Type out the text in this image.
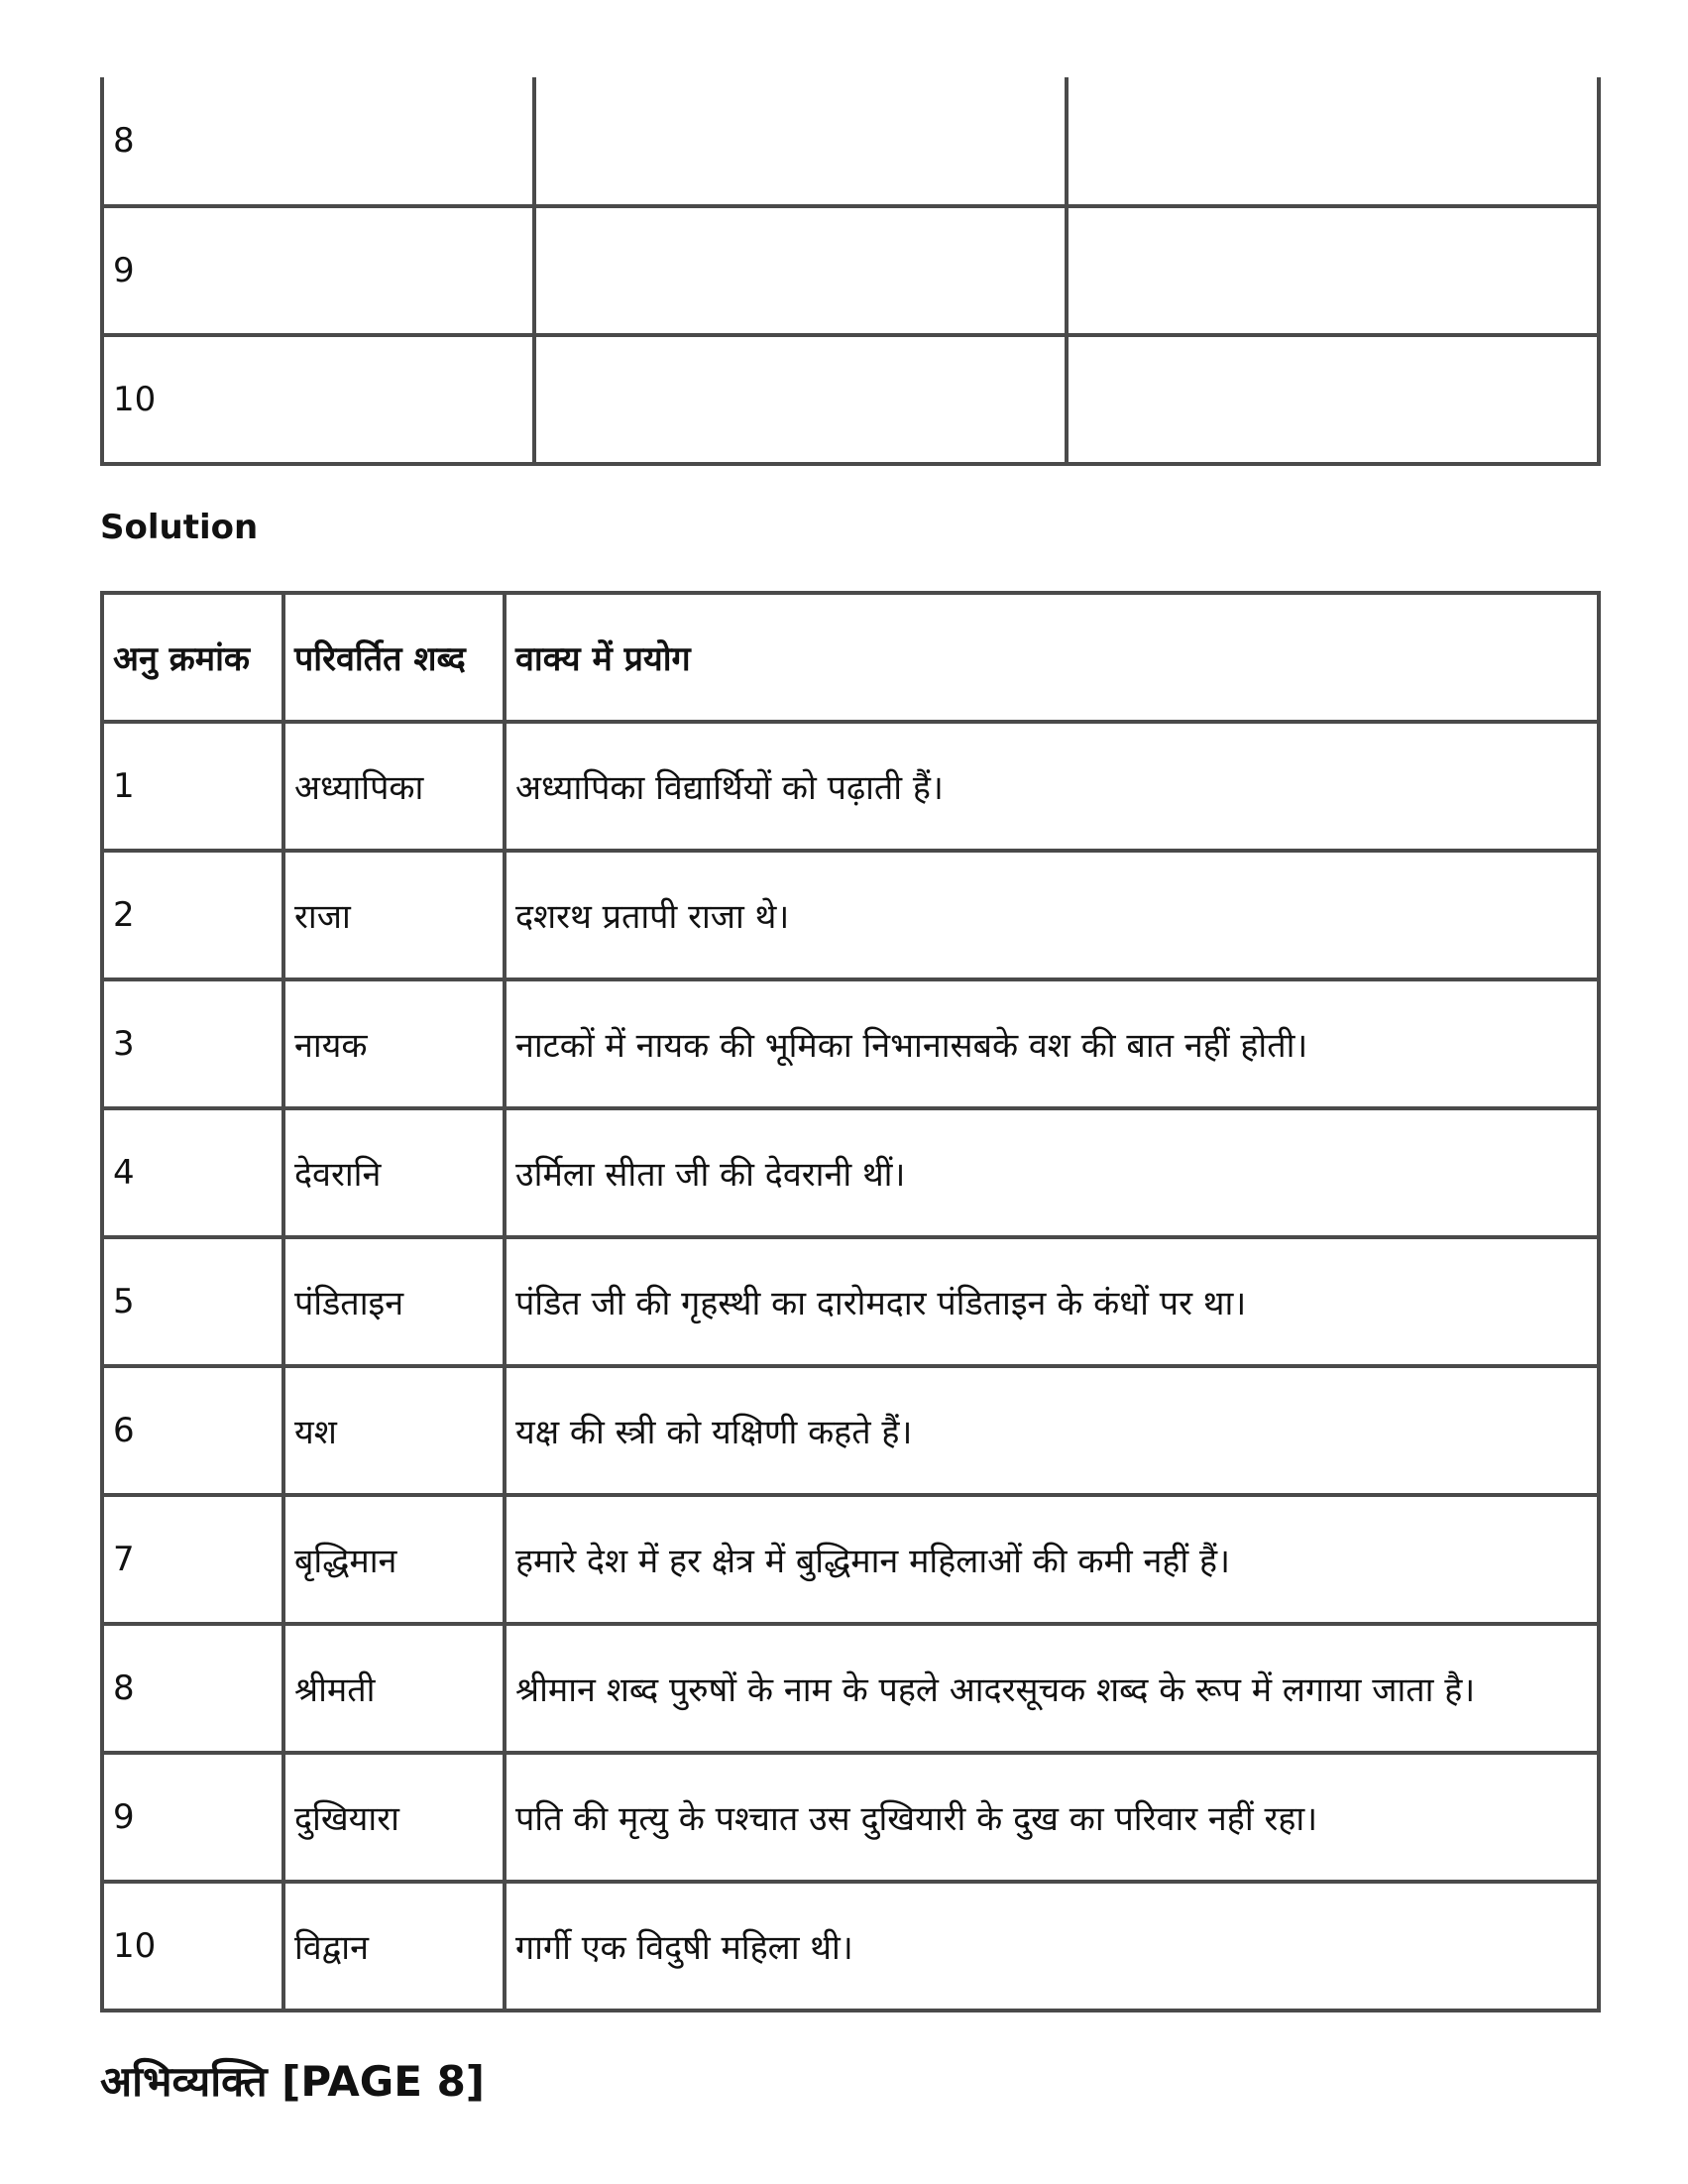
8		
9		
10		
Solution
अनु क्रमांक	परिवर्तित शब्द	वाक्य में प्रयोग
1	अध्यापिका	अध्यापिका विद्यार्थियों को पढ़ाती हैं।
2	राजा	दशरथ प्रतापी राजा थे।
3	नायक	नाटकों में नायक की भूमिका निभानासबके वश की बात नहीं होती।
4	देवरानि	उर्मिला सीता जी की देवरानी थीं।
5	पंडिताइन	पंडित जी की गृहस्थी का दारोमदार पंडिताइन के कंधों पर था।
6	यश	यक्ष की स्त्री को यक्षिणी कहते हैं।
7	बृद्धिमान	हमारे देश में हर क्षेत्र में बुद्धिमान महिलाओं की कमी नहीं हैं।
8	श्रीमती	श्रीमान शब्द पुरुषों के नाम के पहले आदरसूचक शब्द के रूप में लगाया जाता है।
9	दुखियारा	पति की मृत्यु के पश्चात उस दुखियारी के दुख का परिवार नहीं रहा।
10	विद्वान	गार्गी एक विदुषी महिला थी।
अभिव्यक्ति [PAGE 8]
